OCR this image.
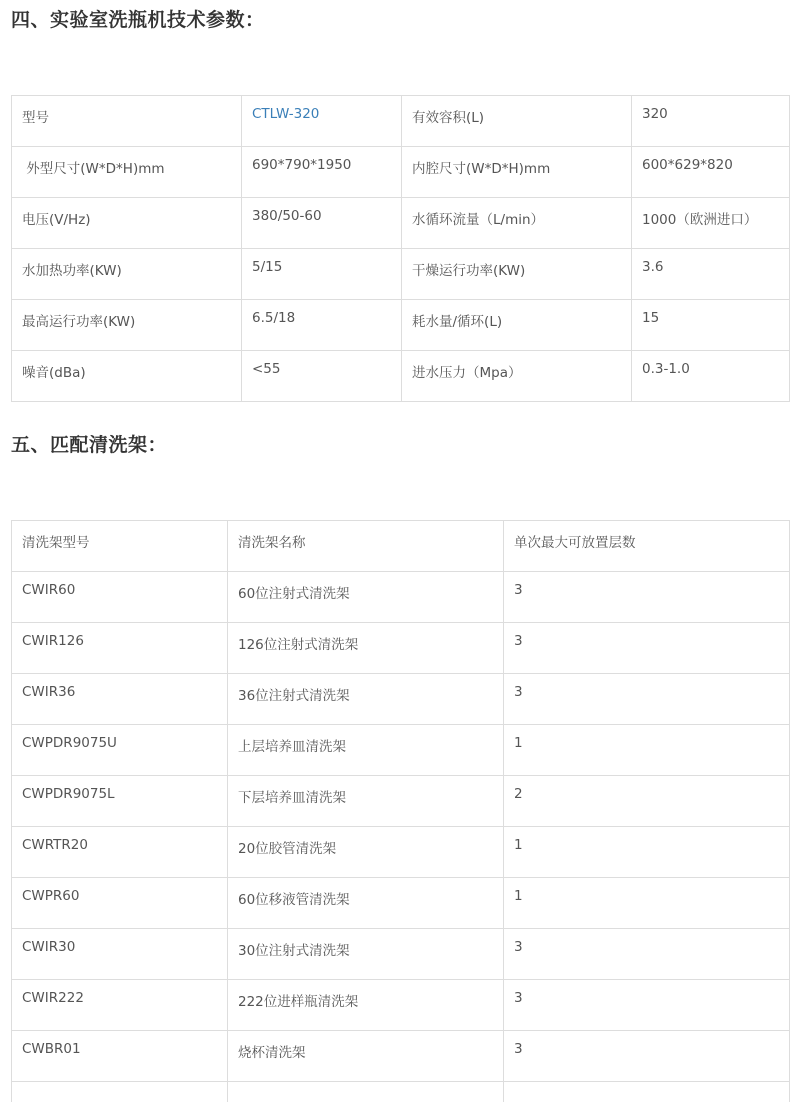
四、实验室洗瓶机技术参数：
型号	CTLW-320	有效容积(L)	320
外型尺寸(W*D*H)mm	690*790*1950	内腔尺寸(W*D*H)mm	600*629*820
电压(V/Hz)	380/50-60	水循环流量（L/min）	1000（欧洲进口）
水加热功率(KW)	5/15	干燥运行功率(KW)	3.6
最高运行功率(KW)	6.5/18	耗水量/循环(L)	15
噪音(dBa)	<55	进水压力（Mpa）	0.3-1.0
五、匹配清洗架：
清洗架型号	清洗架名称	单次最大可放置层数
CWIR60	60位注射式清洗架	3
CWIR126	126位注射式清洗架	3
CWIR36	36位注射式清洗架	3
CWPDR9075U	上层培养皿清洗架	1
CWPDR9075L	下层培养皿清洗架	2
CWRTR20	20位胶管清洗架	1
CWPR60	60位移液管清洗架	1
CWIR30	30位注射式清洗架	3
CWIR222	222位进样瓶清洗架	3
CWBR01	烧杯清洗架	3
